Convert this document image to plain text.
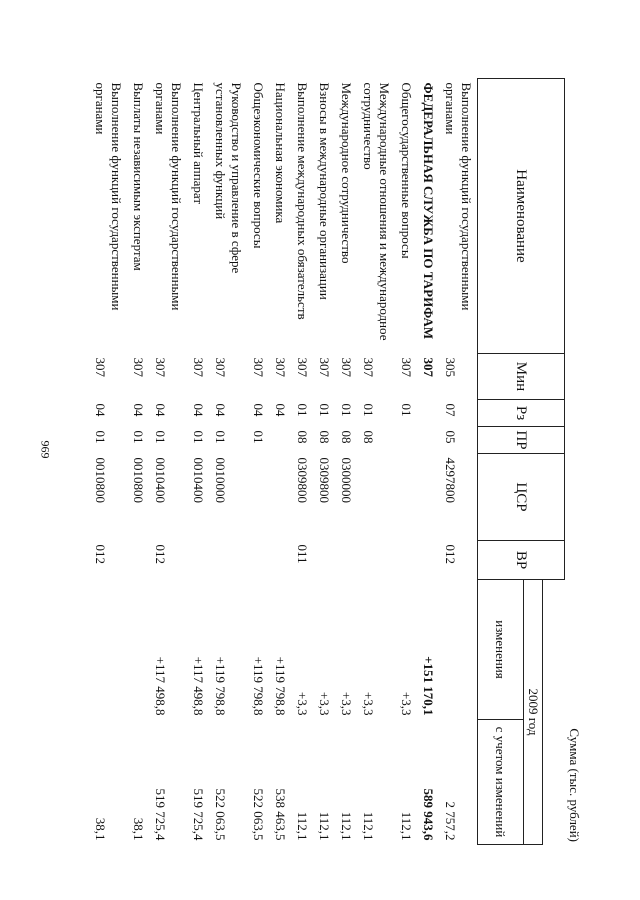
969
Сумма (тыс. рублей)
Наименование	Мин	Рз	ПР	ЦСР	ВР		
						2009 год	
						изменения	с учетом изменений
Выполнение функций государственными органами	305	07	05	4297800	012		2 757,2
ФЕДЕРАЛЬНАЯ СЛУЖБА ПО ТАРИФАМ	307					+151 170,1	589 943,6
Общегосударственные вопросы	307	01				+3,3	112,1
Международные отношения и международное сотрудничество	307	01	08			+3,3	112,1
Международное сотрудничество	307	01	08	0300000		+3,3	112,1
Взносы в международные организации	307	01	08	0309800		+3,3	112,1
Выполнение международных обязательств	307	01	08	0309800	011	+3,3	112,1
Национальная экономика	307	04				+119 798,8	538 463,5
Общеэкономические вопросы	307	04	01			+119 798,8	522 063,5
Руководство и управление в сфере установленных функций	307	04	01	0010000		+119 798,8	522 063,5
Центральный аппарат	307	04	01	0010400		+117 498,8	519 725,4
Выполнение функций государственными органами	307	04	01	0010400	012	+117 498,8	519 725,4
Выплаты независимым экспертам	307	04	01	0010800			38,1
Выполнение функций государственными органами	307	04	01	0010800	012		38,1
